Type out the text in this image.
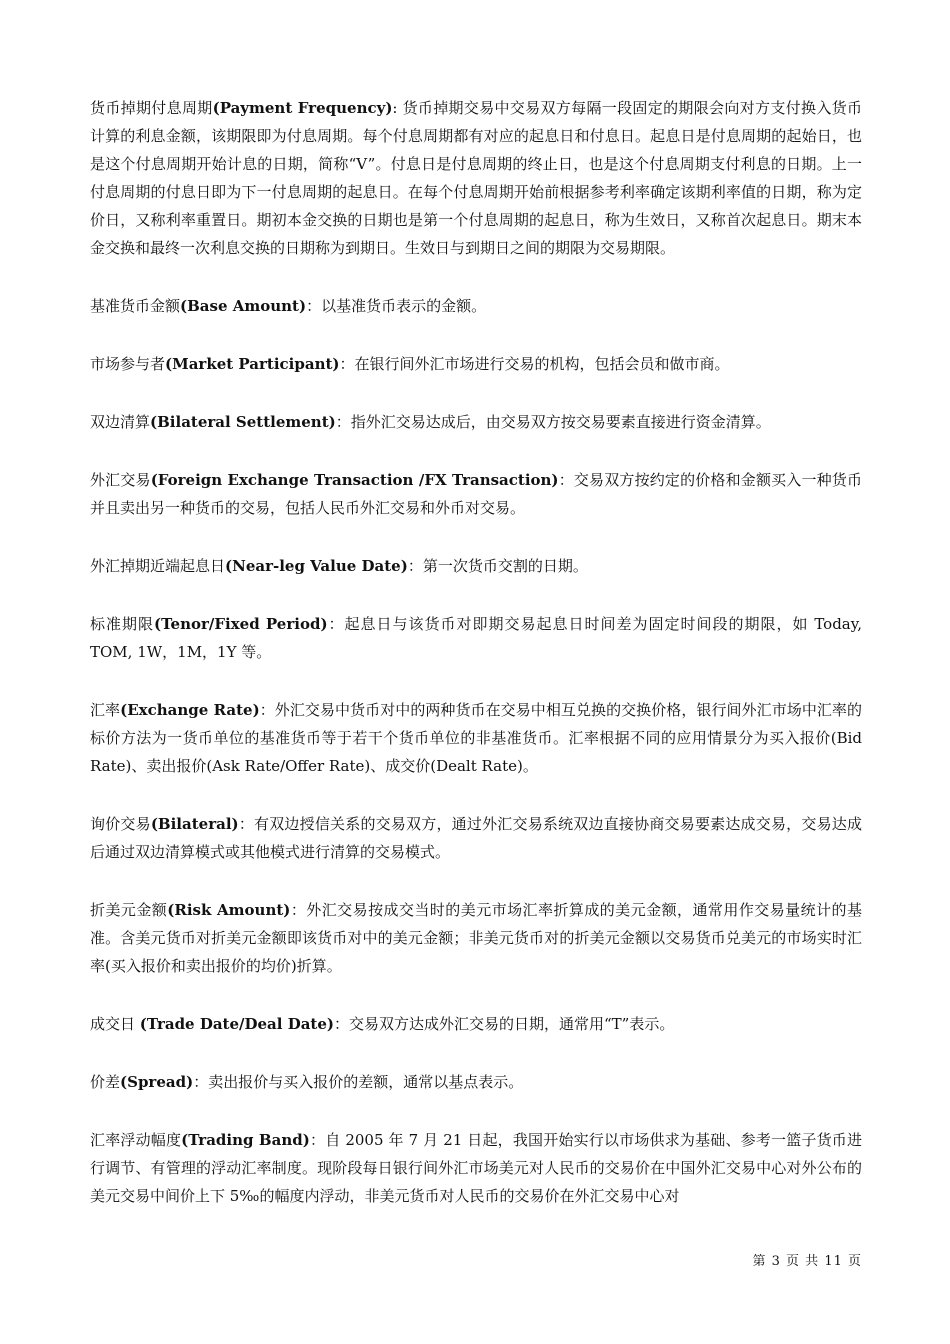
货币掉期付息周期(Payment Frequency): 货币掉期交易中交易双方每隔一段固定的期限会向对方支付换入货币计算的利息金额，该期限即为付息周期。每个付息周期都有对应的起息日和付息日。起息日是付息周期的起始日，也是这个付息周期开始计息的日期，简称“V”。付息日是付息周期的终止日，也是这个付息周期支付利息的日期。上一付息周期的付息日即为下一付息周期的起息日。在每个付息周期开始前根据参考利率确定该期利率值的日期，称为定价日，又称利率重置日。期初本金交换的日期也是第一个付息周期的起息日，称为生效日，又称首次起息日。期末本金交换和最终一次利息交换的日期称为到期日。生效日与到期日之间的期限为交易期限。

基准货币金额(Base Amount)：以基准货币表示的金额。

市场参与者(Market Participant)：在银行间外汇市场进行交易的机构，包括会员和做市商。

双边清算(Bilateral Settlement)：指外汇交易达成后，由交易双方按交易要素直接进行资金清算。

外汇交易(Foreign Exchange Transaction /FX Transaction)：交易双方按约定的价格和金额买入一种货币并且卖出另一种货币的交易，包括人民币外汇交易和外币对交易。

外汇掉期近端起息日(Near-leg Value Date)：第一次货币交割的日期。

标准期限(Tenor/Fixed Period)：起息日与该货币对即期交易起息日时间差为固定时间段的期限，如 Today, TOM, 1W，1M，1Y 等。

汇率(Exchange Rate)：外汇交易中货币对中的两种货币在交易中相互兑换的交换价格，银行间外汇市场中汇率的标价方法为一货币单位的基准货币等于若干个货币单位的非基准货币。汇率根据不同的应用情景分为买入报价(Bid Rate)、卖出报价(Ask Rate/Offer Rate)、成交价(Dealt Rate)。

询价交易(Bilateral)：有双边授信关系的交易双方，通过外汇交易系统双边直接协商交易要素达成交易，交易达成后通过双边清算模式或其他模式进行清算的交易模式。

折美元金额(Risk Amount)：外汇交易按成交当时的美元市场汇率折算成的美元金额，通常用作交易量统计的基准。含美元货币对折美元金额即该货币对中的美元金额；非美元货币对的折美元金额以交易货币兑美元的市场实时汇率(买入报价和卖出报价的均价)折算。

成交日 (Trade Date/Deal Date)：交易双方达成外汇交易的日期，通常用“T”表示。

价差(Spread)：卖出报价与买入报价的差额，通常以基点表示。

汇率浮动幅度(Trading Band)：自 2005 年 7 月 21 日起，我国开始实行以市场供求为基础、参考一篮子货币进行调节、有管理的浮动汇率制度。现阶段每日银行间外汇市场美元对人民币的交易价在中国外汇交易中心对外公布的美元交易中间价上下 5‰的幅度内浮动，非美元货币对人民币的交易价在外汇交易中心对

第 3 页 共 11 页
